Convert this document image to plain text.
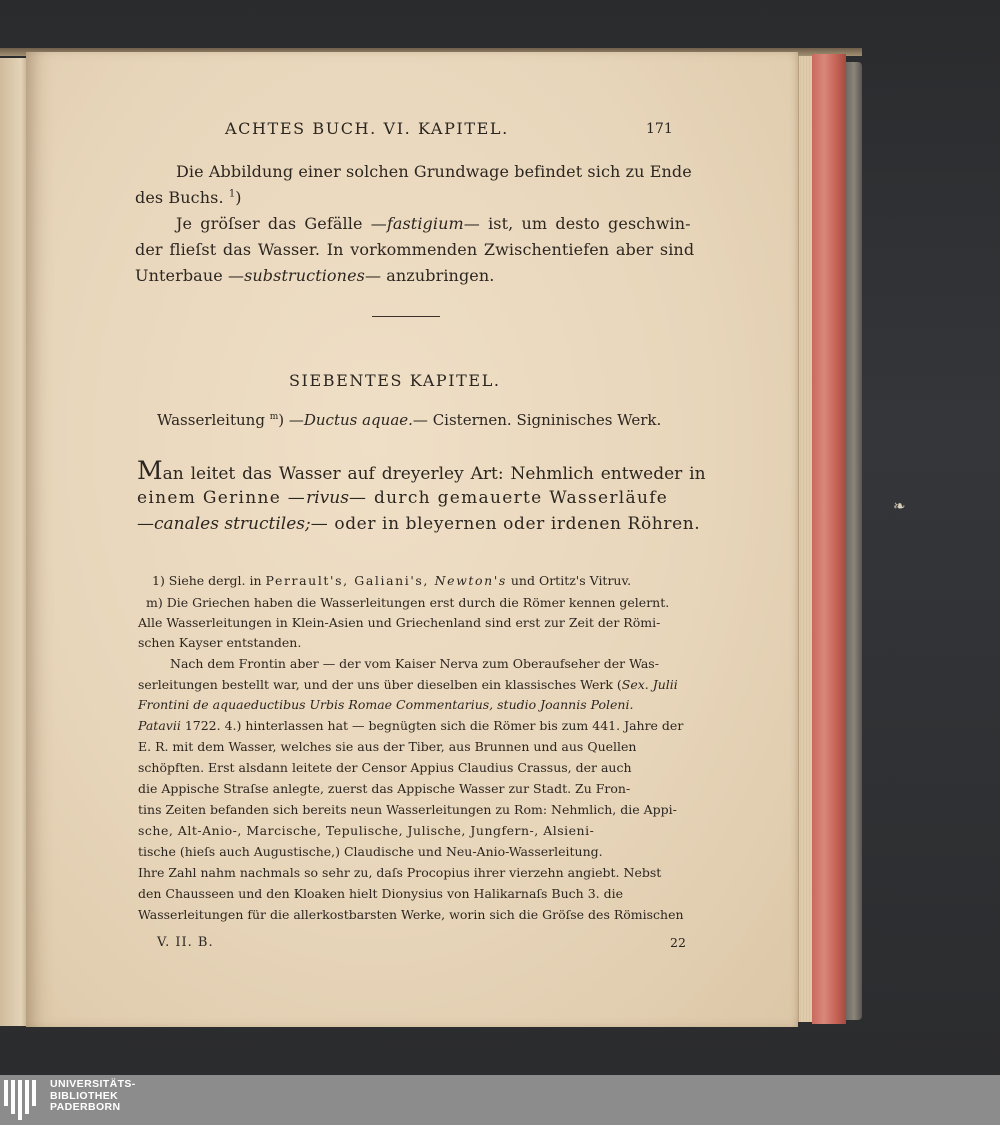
❧
ACHTES BUCH. VI. KAPITEL.	171
Die Abbildung einer solchen Grundwage befindet sich zu Ende
des Buchs. $^1$)
Je gröſser das Gefälle —fastigium— ist, um desto geschwin-
der flieſst das Wasser. In vorkommenden Zwischentiefen aber sind
Unterbaue —substructiones— anzubringen.
SIEBENTES KAPITEL.
Wasserleitung $^m$) —Ductus aquae.— Cisternen. Signinisches Werk.
Man leitet das Wasser auf dreyerley Art: Nehmlich entweder in
einem Gerinne —rivus— durch gemauerte Wasserläufe
—canales structiles;— oder in bleyernen oder irdenen Röhren.
1) Siehe dergl. in Perrault's, Galiani's, Newton's und Ortitz's Vitruv.
m) Die Griechen haben die Wasserleitungen erst durch die Römer kennen gelernt.
Alle Wasserleitungen in Klein-Asien und Griechenland sind erst zur Zeit der Römi-
schen Kayser entstanden.
Nach dem Frontin aber — der vom Kaiser Nerva zum Oberaufseher der Was-
serleitungen bestellt war, und der uns über dieselben ein klassisches Werk (Sex. Julii
Frontini de aquaeductibus Urbis Romae Commentarius, studio Joannis Poleni.
Patavii 1722. 4.) hinterlassen hat — begnügten sich die Römer bis zum 441. Jahre der
E. R. mit dem Wasser, welches sie aus der Tiber, aus Brunnen und aus Quellen
schöpften. Erst alsdann leitete der Censor Appius Claudius Crassus, der auch
die Appische Straſse anlegte, zuerst das Appische Wasser zur Stadt. Zu Fron-
tins Zeiten befanden sich bereits neun Wasserleitungen zu Rom: Nehmlich, die Appi-
sche, Alt-Anio-, Marcische, Tepulische, Julische, Jungfern-, Alsieni-
tische (hieſs auch Augustische,) Claudische und Neu-Anio-Wasserleitung.
Ihre Zahl nahm nachmals so sehr zu, daſs Procopius ihrer vierzehn angiebt. Nebst
den Chausseen und den Kloaken hielt Dionysius von Halikarnaſs Buch 3. die
Wasserleitungen für die allerkostbarsten Werke, worin sich die Gröſse des Römischen
V. II. B.	22
UNIVERSITÄTS-
BIBLIOTHEK
PADERBORN
